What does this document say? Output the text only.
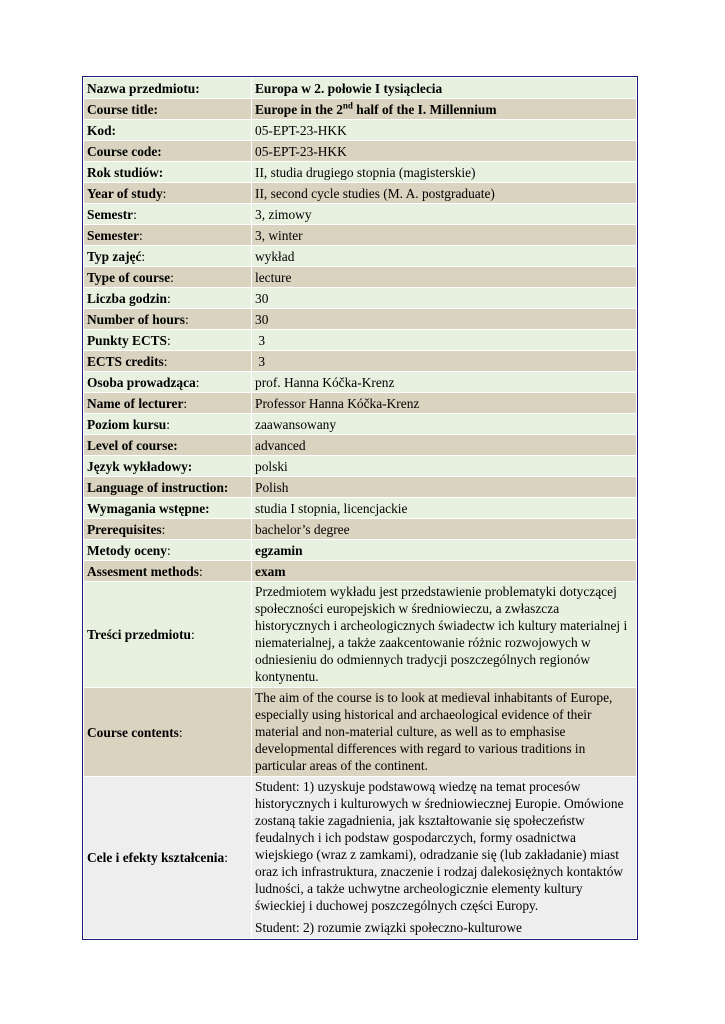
Nazwa przedmiotu:	Europa w 2. połowie I tysiąclecia
Course title:	Europe in the 2nd half of the I. Millennium
Kod:	05-EPT-23-HKK
Course code:	05-EPT-23-HKK
Rok studiów:	II, studia drugiego stopnia (magisterskie)
Year of study:	II, second cycle studies (M. A. postgraduate)
Semestr:	3, zimowy
Semester:	3, winter
Typ zajęć:	wykład
Type of course:	lecture
Liczba godzin:	30
Number of hours:	30
Punkty ECTS:	3
ECTS credits:	3
Osoba prowadząca:	prof. Hanna Kóčka-Krenz
Name of lecturer:	Professor Hanna Kóčka-Krenz
Poziom kursu:	zaawansowany
Level of course:	advanced
Język wykładowy:	polski
Language of instruction:	Polish
Wymagania wstępne:	studia I stopnia, licencjackie
Prerequisites:	bachelor’s degree
Metody oceny:	egzamin
Assesment methods:	exam
Treści przedmiotu:	Przedmiotem wykładu jest przedstawienie problematyki dotyczącej społeczności europejskich w średniowieczu, a zwłaszcza historycznych i archeologicznych świadectw ich kultury materialnej i niematerialnej, a także zaakcentowanie różnic rozwojowych w odniesieniu do odmiennych tradycji poszczególnych regionów kontynentu.
Course contents:	The aim of the course is to look at medieval inhabitants of Europe, especially using historical and archaeological evidence of their material and non-material culture, as well as to emphasise developmental differences with regard to various traditions in particular areas of the continent.
Cele i efekty kształcenia:	Student: 1) uzyskuje podstawową wiedzę na temat procesów historycznych i kulturowych w średniowiecznej Europie. Omówione zostaną takie zagadnienia, jak kształtowanie się społeczeństw feudalnych i ich podstaw gospodarczych, formy osadnictwa wiejskiego (wraz z zamkami), odradzanie się (lub zakładanie) miast oraz ich infrastruktura, znaczenie i rodzaj dalekosiężnych kontaktów ludności, a także uchwytne archeologicznie elementy kultury świeckiej i duchowej poszczególnych części Europy.
Student: 2) rozumie związki społeczno-kulturowe
